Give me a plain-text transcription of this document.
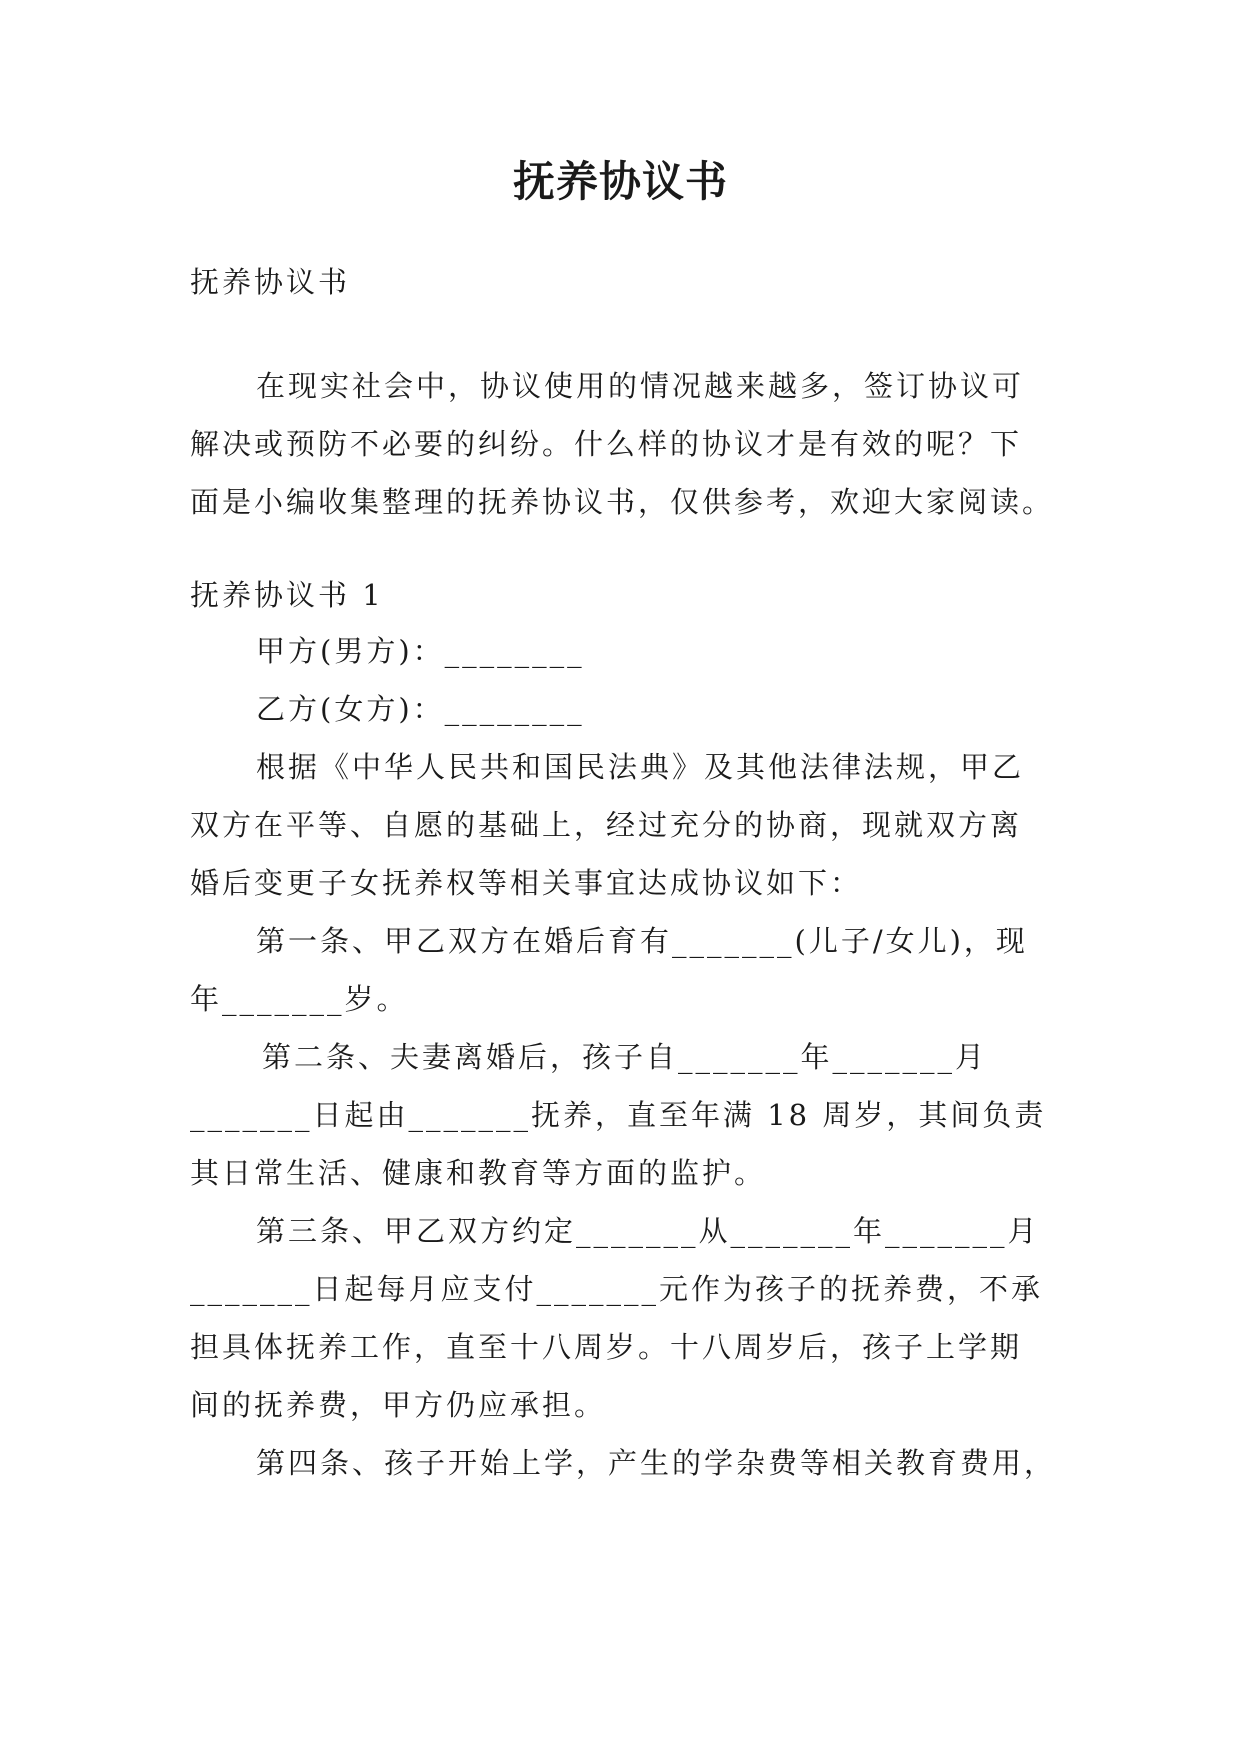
抚养协议书

抚养协议书

在现实社会中，协议使用的情况越来越多，签订协议可
解决或预防不必要的纠纷。什么样的协议才是有效的呢？下
面是小编收集整理的抚养协议书，仅供参考，欢迎大家阅读。

抚养协议书 1

甲方(男方)：________

乙方(女方)：________

根据《中华人民共和国民法典》及其他法律法规，甲乙
双方在平等、自愿的基础上，经过充分的协商，现就双方离
婚后变更子女抚养权等相关事宜达成协议如下：

第一条、甲乙双方在婚后育有_______(儿子/女儿)，现
年_______岁。

第二条、夫妻离婚后，孩子自_______年_______月
_______日起由_______抚养，直至年满 18 周岁，其间负责
其日常生活、健康和教育等方面的监护。

第三条、甲乙双方约定_______从_______年_______月
_______日起每月应支付_______元作为孩子的抚养费，不承
担具体抚养工作，直至十八周岁。十八周岁后，孩子上学期
间的抚养费，甲方仍应承担。

第四条、孩子开始上学，产生的学杂费等相关教育费用，
